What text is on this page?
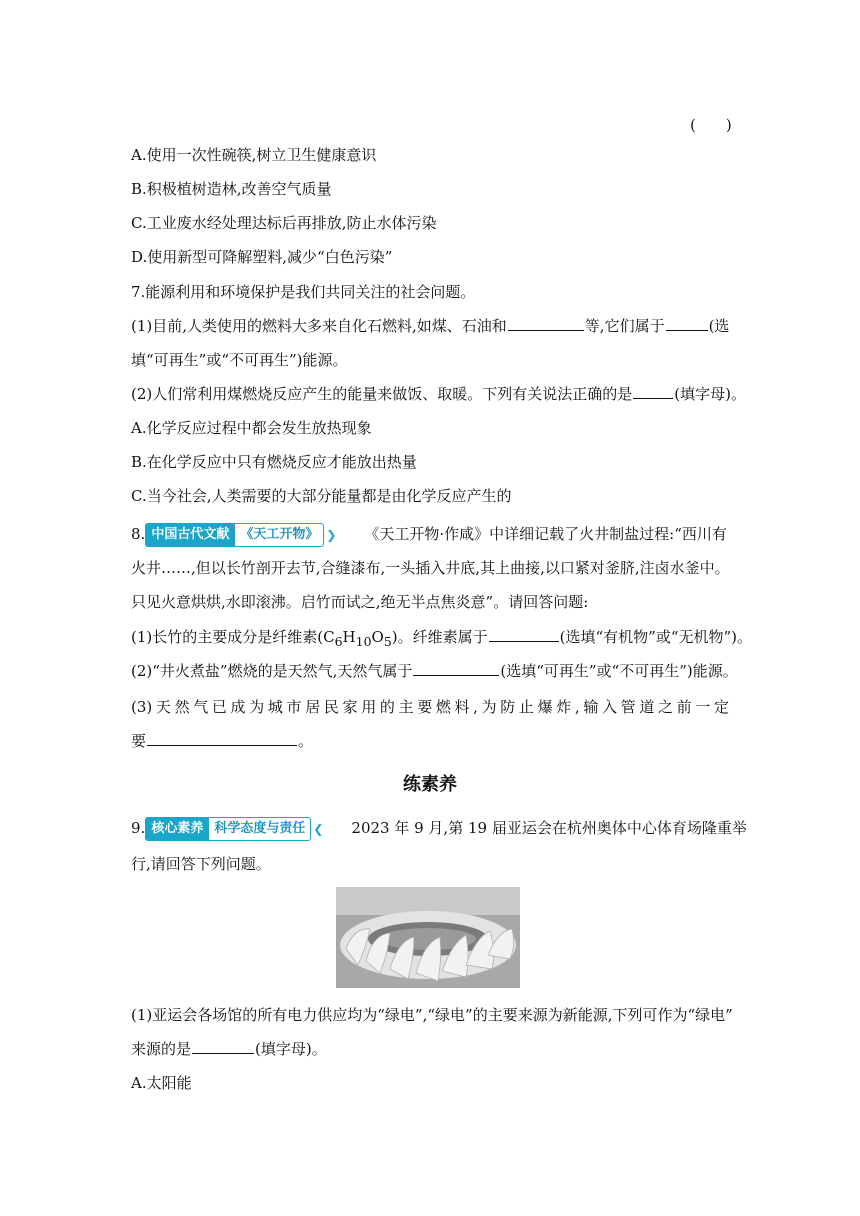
(　　)
A.使用一次性碗筷,树立卫生健康意识
B.积极植树造林,改善空气质量
C.工业废水经处理达标后再排放,防止水体污染
D.使用新型可降解塑料,减少“白色污染”
7.能源利用和环境保护是我们共同关注的社会问题。
(1)目前,人类使用的燃料大多来自化石燃料,如煤、石油和	等,它们属于	(选
填“可再生”或“不可再生”)能源。
(2)人们常利用煤燃烧反应产生的能量来做饭、取暖。下列有关说法正确的是	(填字母)。
A.化学反应过程中都会发生放热现象
B.在化学反应中只有燃烧反应才能放出热量
C.当今社会,人类需要的大部分能量都是由化学反应产生的
8. 中国古代文献 《天工开物》 ❯ 《天工开物·作咸》中详细记载了火井制盐过程:“西川有
火井……,但以长竹剖开去节,合缝漆布,一头插入井底,其上曲接,以口紧对釜脐,注卤水釜中。
只见火意烘烘,水即滚沸。启竹而试之,绝无半点焦炎意”。请回答问题:
(1)长竹的主要成分是纤维素$(C_6H_{10}O_5)$。纤维素属于	(选填“有机物”或“无机物”)。
(2)“井火煮盐”燃烧的是天然气,天然气属于	(选填“可再生”或“不可再生”)能源。
(3)天然气已成为城市居民家用的主要燃料,为防止爆炸,输入管道之前一定
要	。
练素养
9. 核心素养 科学态度与责任 ❮ 2023 年 9 月,第 19 届亚运会在杭州奥体中心体育场隆重举
行,请回答下列问题。
(1)亚运会各场馆的所有电力供应均为“绿电”,“绿电”的主要来源为新能源,下列可作为“绿电”
来源的是	(填字母)。
A.太阳能
